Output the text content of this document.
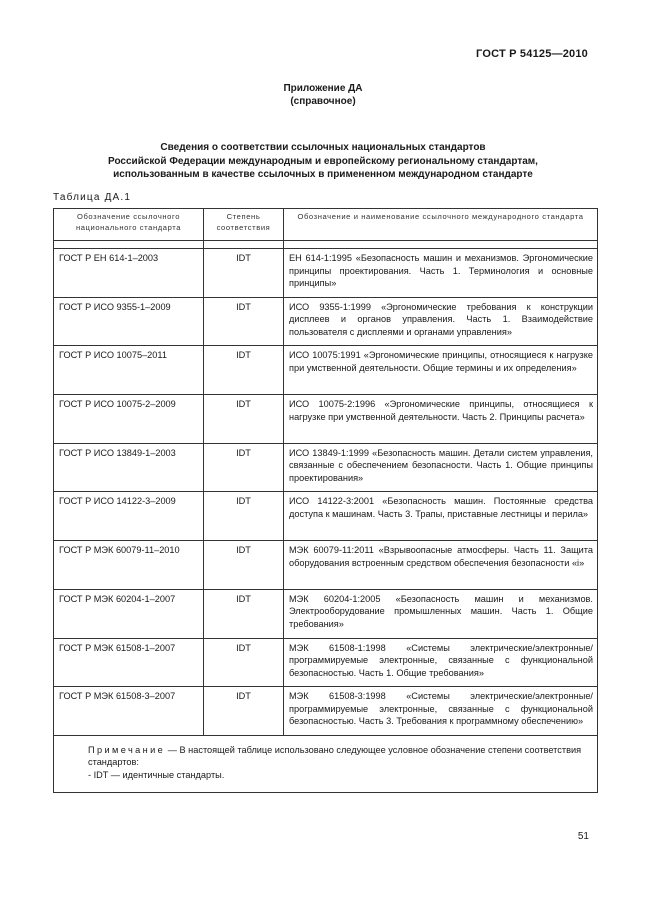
ГОСТ Р 54125—2010
Приложение ДА
(справочное)
Сведения о соответствии ссылочных национальных стандартов
Российской Федерации международным и европейскому региональному стандартам,
использованным в качестве ссылочных в примененном международном стандарте
Таблица ДА.1
Обозначение ссылочного национального стандарта	Степень соответствия	Обозначение и наименование ссылочного международного стандарта

ГОСТ Р ЕН 614-1–2003	IDT	ЕН 614-1:1995 «Безопасность машин и механизмов. Эргономические принципы проектирования. Часть 1. Терминология и основные принципы»
ГОСТ Р ИСО 9355-1–2009	IDT	ИСО 9355-1:1999 «Эргономические требования к конструкции дисплеев и органов управления. Часть 1. Взаимодействие пользователя с дисплеями и органами управления»
ГОСТ Р ИСО 10075–2011	IDT	ИСО 10075:1991 «Эргономические принципы, относящиеся к нагрузке при умственной деятельности. Общие термины и их определения»
ГОСТ Р ИСО 10075-2–2009	IDT	ИСО 10075-2:1996 «Эргономические принципы, относящиеся к нагрузке при умственной деятельности. Часть 2. Принципы расчета»
ГОСТ Р ИСО 13849-1–2003	IDT	ИСО 13849-1:1999 «Безопасность машин. Детали систем управления, связанные с обеспечением безопасности. Часть 1. Общие принципы проектирования»
ГОСТ Р ИСО 14122-3–2009	IDT	ИСО 14122-3:2001 «Безопасность машин. Постоянные средства доступа к машинам. Часть 3. Трапы, приставные лестницы и перила»
ГОСТ Р МЭК 60079-11–2010	IDT	МЭК 60079-11:2011 «Взрывоопасные атмосферы. Часть 11. Защита оборудования встроенным средством обеспечения безопасности «i»
ГОСТ Р МЭК 60204-1–2007	IDT	МЭК 60204-1:2005 «Безопасность машин и механизмов. Электрооборудование промышленных машин. Часть 1. Общие требования»
ГОСТ Р МЭК 61508-1–2007	IDT	МЭК 61508-1:1998 «Системы электрические/электронные/программируемые электронные, связанные с функциональной безопасностью. Часть 1. Общие требования»
ГОСТ Р МЭК 61508-3–2007	IDT	МЭК 61508-3:1998 «Системы электрические/электронные/программируемые электронные, связанные с функциональной безопасностью. Часть 3. Требования к программному обеспечению»

Примечание — В настоящей таблице использовано следующее условное обозначение степени соответствия стандартов:
- IDT — идентичные стандарты.		
51
